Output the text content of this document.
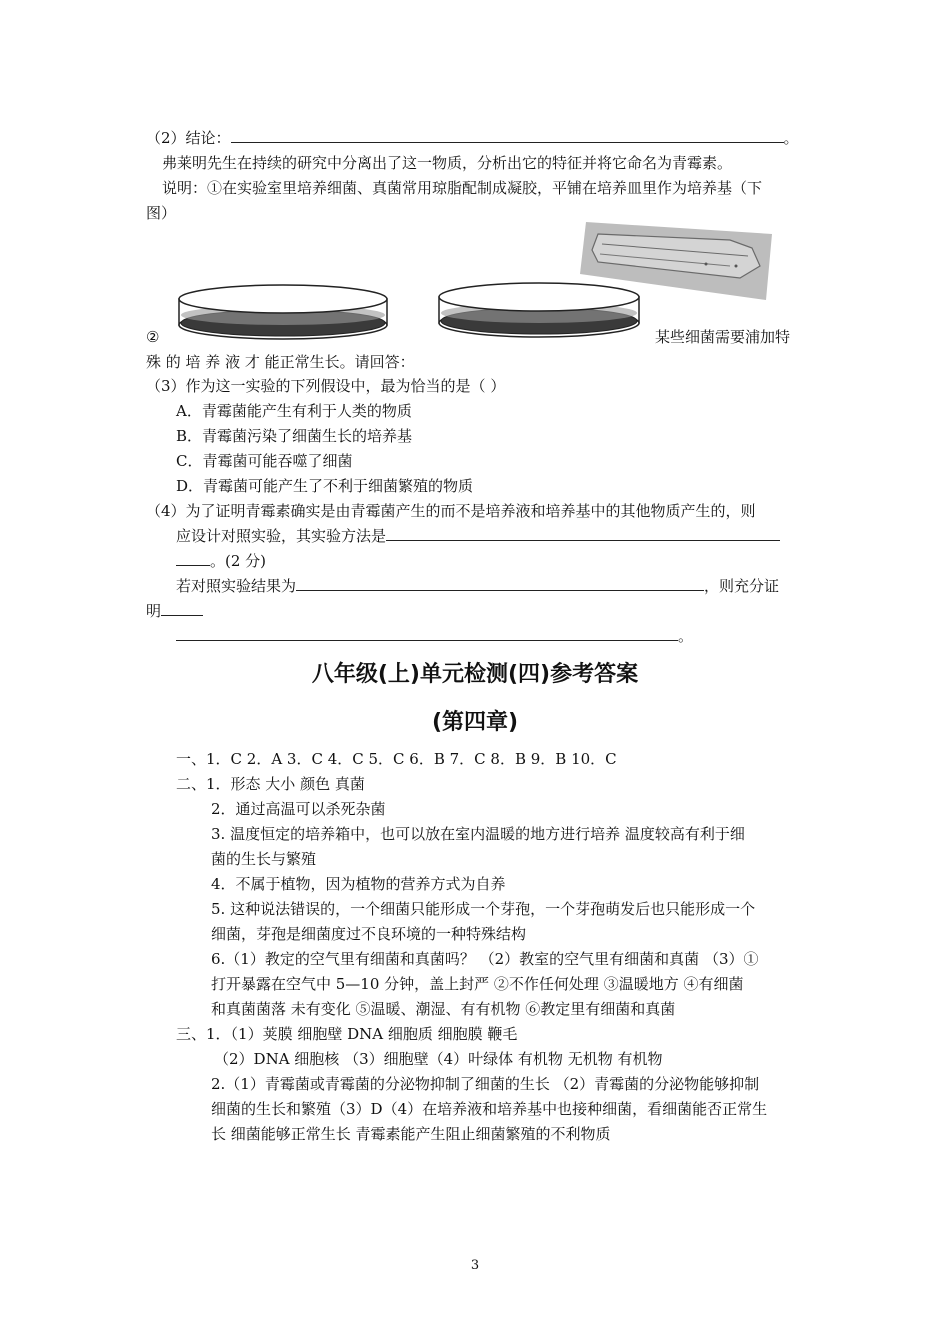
（2）结论：	。
弗莱明先生在持续的研究中分离出了这一物质，分析出它的特征并将它命名为青霉素。
说明：①在实验室里培养细菌、真菌常用琼脂配制成凝胶，平铺在培养皿里作为培养基（下
图）
②	某些细菌需要浦加特
殊 的 培 养 液 才 能正常生长。请回答：
（3）作为这一实验的下列假设中，最为恰当的是（ ）
A．青霉菌能产生有利于人类的物质
B．青霉菌污染了细菌生长的培养基
C．青霉菌可能吞噬了细菌
D．青霉菌可能产生了不利于细菌繁殖的物质
（4）为了证明青霉素确实是由青霉菌产生的而不是培养液和培养基中的其他物质产生的，则
应设计对照实验，其实验方法是
。(2 分)
若对照实验结果为	，则充分证
明
。
八年级(上)单元检测(四)参考答案
(第四章)
一、1．C 2．A 3．C 4．C 5．C 6．B 7．C 8．B 9．B 10．C
二、1．形态 大小 颜色 真菌
2．通过高温可以杀死杂菌
3. 温度恒定的培养箱中，也可以放在室内温暖的地方进行培养 温度较高有利于细
菌的生长与繁殖
4．不属于植物，因为植物的营养方式为自养
5. 这种说法错误的，一个细菌只能形成一个芽孢，一个芽孢萌发后也只能形成一个
细菌，芽孢是细菌度过不良环境的一种特殊结构
6.（1）教定的空气里有细菌和真菌吗？ （2）教室的空气里有细菌和真菌 （3）①
打开暴露在空气中 5—10 分钟，盖上封严 ②不作任何处理 ③温暖地方 ④有细菌
和真菌菌落 未有变化 ⑤温暖、潮湿、有有机物 ⑥教定里有细菌和真菌
三、1．（1）荚膜 细胞壁 DNA 细胞质 细胞膜 鞭毛
（2）DNA 细胞核 （3）细胞壁（4）叶绿体 有机物 无机物 有机物
2.（1）青霉菌或青霉菌的分泌物抑制了细菌的生长 （2）青霉菌的分泌物能够抑制
细菌的生长和繁殖（3）D（4）在培养液和培养基中也接种细菌，看细菌能否正常生
长 细菌能够正常生长 青霉素能产生阻止细菌繁殖的不利物质
3
